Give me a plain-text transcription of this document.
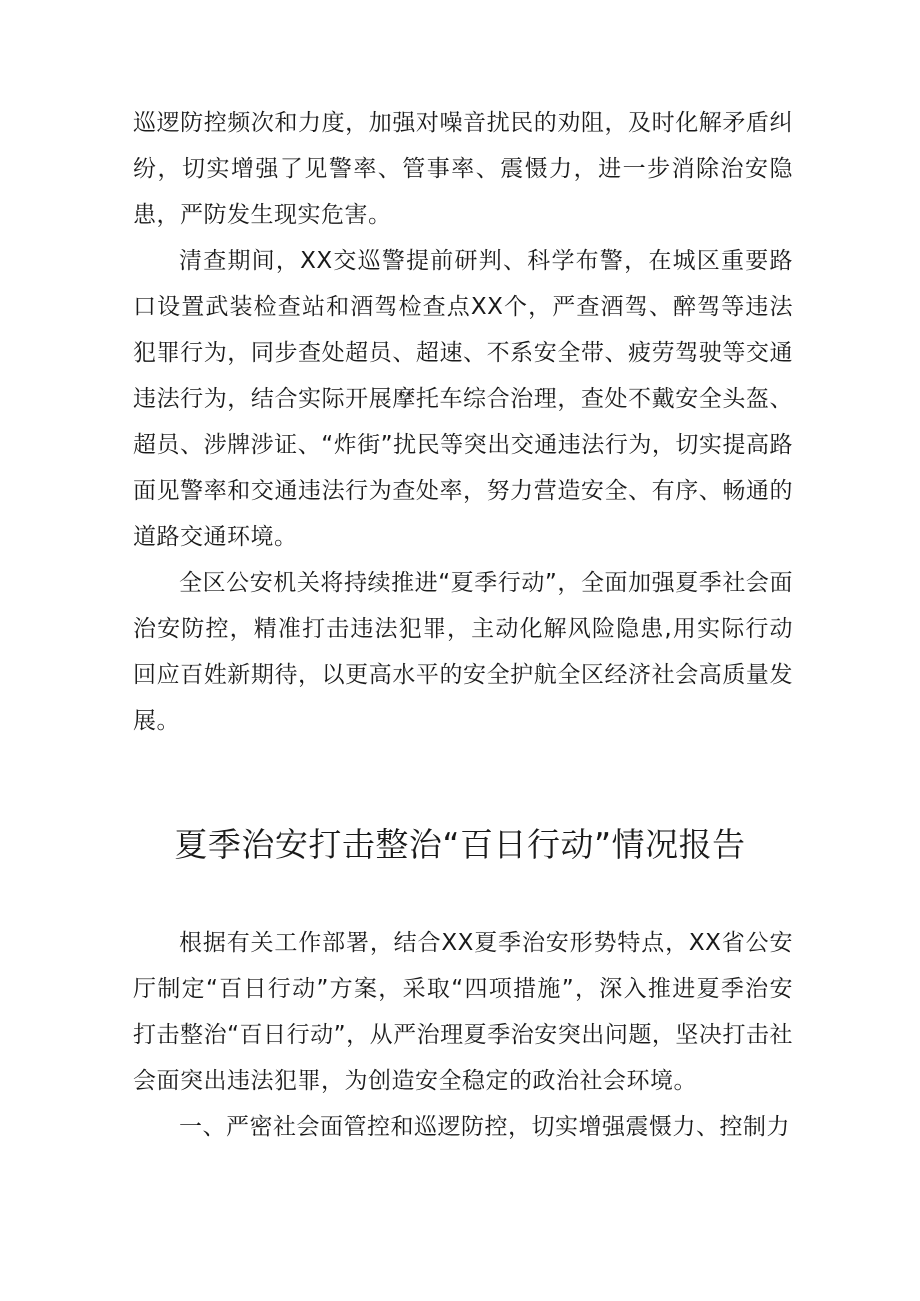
巡逻防控频次和力度，加强对噪音扰民的劝阻，及时化解矛盾纠纷，切实增强了见警率、管事率、震慑力，进一步消除治安隐患，严防发生现实危害。

清查期间，XX交巡警提前研判、科学布警，在城区重要路口设置武装检查站和酒驾检查点XX个，严查酒驾、醉驾等违法犯罪行为，同步查处超员、超速、不系安全带、疲劳驾驶等交通违法行为，结合实际开展摩托车综合治理，查处不戴安全头盔、超员、涉牌涉证、“炸街”扰民等突出交通违法行为，切实提高路面见警率和交通违法行为查处率，努力营造安全、有序、畅通的道路交通环境。

全区公安机关将持续推进“夏季行动”，全面加强夏季社会面治安防控，精准打击违法犯罪，主动化解风险隐患,用实际行动回应百姓新期待，以更高水平的安全护航全区经济社会高质量发展。

夏季治安打击整治“百日行动”情况报告

根据有关工作部署，结合XX夏季治安形势特点，XX省公安厅制定“百日行动”方案，采取“四项措施”，深入推进夏季治安打击整治“百日行动”，从严治理夏季治安突出问题，坚决打击社会面突出违法犯罪，为创造安全稳定的政治社会环境。

一、严密社会面管控和巡逻防控，切实增强震慑力、控制力
